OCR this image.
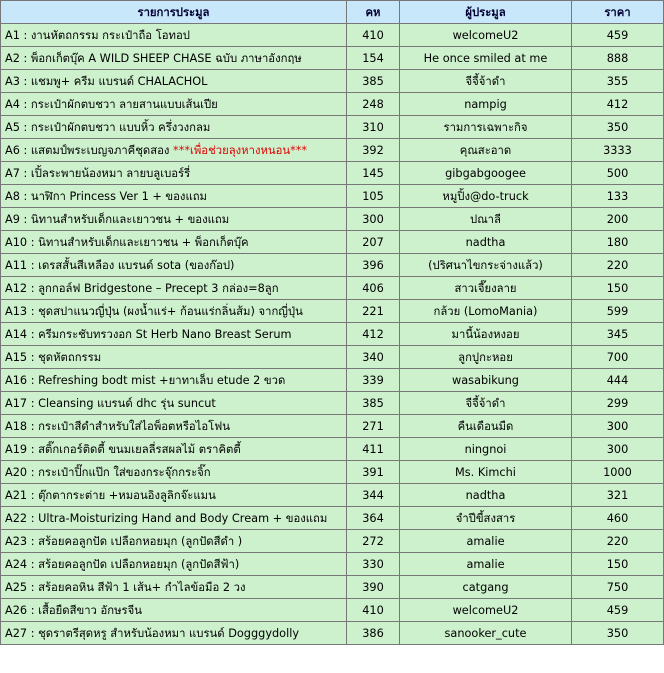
รายการประมูล	คห	ผู้ประมูล	ราคา
A1 : งานหัตถกรรม กระเป๋าถือ โอทอป	410	welcomeU2	459
A2 : พ็อกเก็ตบุ๊ค A WILD SHEEP CHASE ฉบับ ภาษาอังกฤษ	154	He once smiled at me	888
A3 : แชมพู+ ครีม แบรนด์ CHALACHOL	385	จีจี้จ้าดำ	355
A4 : กระเป๋าผักตบชวา ลายสานแบบเส้นเปีย	248	nampig	412
A5 : กระเป๋าผักตบชวา แบบหิ้ว ครึ่งวงกลม	310	รามการเฉพาะกิจ	350
A6 : แสตมป์พระเบญจภาคีชุดสอง ***เพื่อช่วยลุงหางหนอน***	392	คุณสะอาด	3333
A7 : เปิ้ลระพายน้องหมา ลายบลูเบอร์รี่	145	gibgabgoogee	500
A8 : นาฬิกา Princess Ver 1 + ของแถม	105	หมูปิ้ง@do-truck	133
A9 : นิทานสำหรับเด็กและเยาวชน + ของแถม	300	ปณาลี	200
A10 : นิทานสำหรับเด็กและเยาวชน + พ็อกเก็ตบุ๊ค	207	nadtha	180
A11 : เดรสสั้นสีเหลือง แบรนด์ sota (ของก๊อป)	396	(ปริศนาไขกระจ่างแล้ว)	220
A12 : ลูกกอล์ฟ Bridgestone – Precept 3 กล่อง=8ลูก	406	สาวเจี๊ยงลาย	150
A13 : ชุดสปาแนวญี่ปุ่น (ผงน้ำแร่+ ก้อนแร่กลิ่นส้ม) จากญี่ปุ่น	221	กล้วย (LomoMania)	599
A14 : ครีมกระชับทรวงอก St Herb Nano Breast Serum	412	มานี้น้องหงอย	345
A15 : ชุดหัตถกรรม	340	ลูกปูกะหอย	700
A16 : Refreshing bodt mist +ยาทาเล็บ etude 2 ขวด	339	wasabikung	444
A17 : Cleansing แบรนด์ dhc รุ่น suncut	385	จีจี้จ้าดำ	299
A18 : กระเป๋าสีดำสำหรับใส่ไอพ็อตหรือไอโฟน	271	คืนเดือนมืด	300
A19 : สติ๊กเกอร์ติดตี้ ขนมเยลลี่รสผลไม้ ตราคิตตี้	411	ningnoi	300
A20 : กระเป๋าปิ๊กแป๊ก ใส่ของกระจุ๊กกระจิ๊ก	391	Ms. Kimchi	1000
A21 : ตุ๊กตากระต่าย +หมอนอิงลูลิกจ๊ะแมน	344	nadtha	321
A22 : Ultra-Moisturizing Hand and Body Cream + ของแถม	364	จำปีขี้สงสาร	460
A23 : สร้อยคอลูกปัด เปลือกหอยมุก (ลูกปัดสีดำ )	272	amalie	220
A24 : สร้อยคอลูกปัด เปลือกหอยมุก (ลูกปัดสีฟ้า)	330	amalie	150
A25 : สร้อยคอหิน สีฟ้า 1 เส้น+ กำไลข้อมือ 2 วง	390	catgang	750
A26 : เสื้อยืดสีขาว อักษรจีน	410	welcomeU2	459
A27 : ชุดราตรีสุดหรู สำหรับน้องหมา แบรนด์ Dogggydolly	386	sanooker_cute	350
